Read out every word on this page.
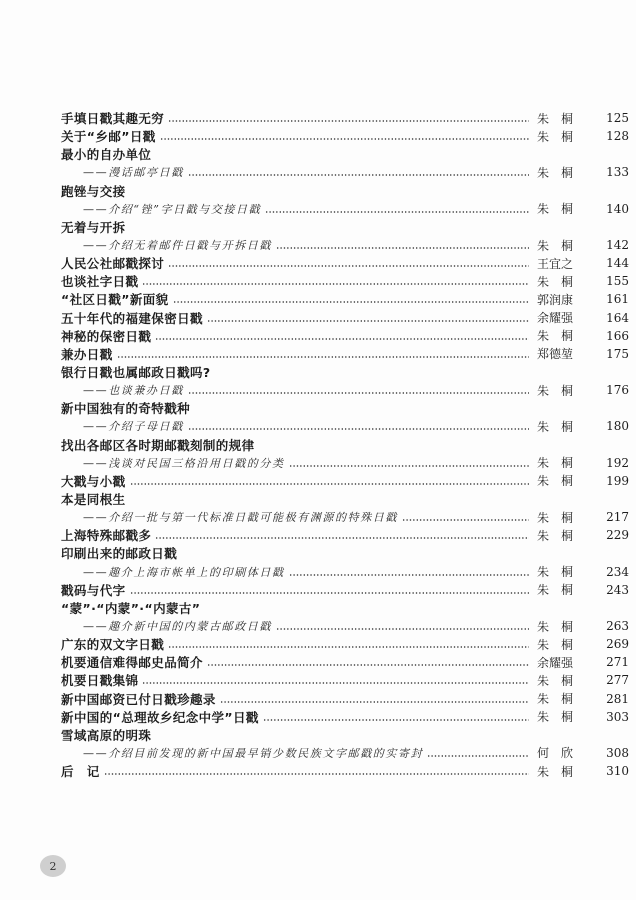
手填日戳其趣无穷	朱　桐	125
关于“乡邮”日戳	朱　桐	128
最小的自办单位
——漫话邮亭日戳	朱　桐	133
跑锉与交接
——介绍“锉”字日戳与交接日戳	朱　桐	140
无着与开拆
——介绍无着邮件日戳与开拆日戳	朱　桐	142
人民公社邮戳探讨	王宜之	144
也谈社字日戳	朱　桐	155
“社区日戳”新面貌	郭润康	161
五十年代的福建保密日戳	余耀强	164
神秘的保密日戳	朱　桐	166
兼办日戳	郑德堃	175
银行日戳也属邮政日戳吗?
——也谈兼办日戳	朱　桐	176
新中国独有的奇特戳种
——介绍子母日戳	朱　桐	180
找出各邮区各时期邮戳刻制的规律
——浅谈对民国三格沿用日戳的分类	朱　桐	192
大戳与小戳	朱　桐	199
本是同根生
——介绍一批与第一代标准日戳可能极有渊源的特殊日戳	朱　桐	217
上海特殊邮戳多	朱　桐	229
印刷出来的邮政日戳
——趣介上海市帐单上的印刷体日戳	朱　桐	234
戳码与代字	朱　桐	243
“蒙”·“内蒙”·“内蒙古”
——趣介新中国的内蒙古邮政日戳	朱　桐	263
广东的双文字日戳	朱　桐	269
机要通信难得邮史品简介	余耀强	271
机要日戳集锦	朱　桐	277
新中国邮资已付日戳珍趣录	朱　桐	281
新中国的“总理故乡纪念中学”日戳	朱　桐	303
雪域高原的明珠
——介绍目前发现的新中国最早销少数民族文字邮戳的实寄封	何　欣	308
后　记	朱　桐	310
2
